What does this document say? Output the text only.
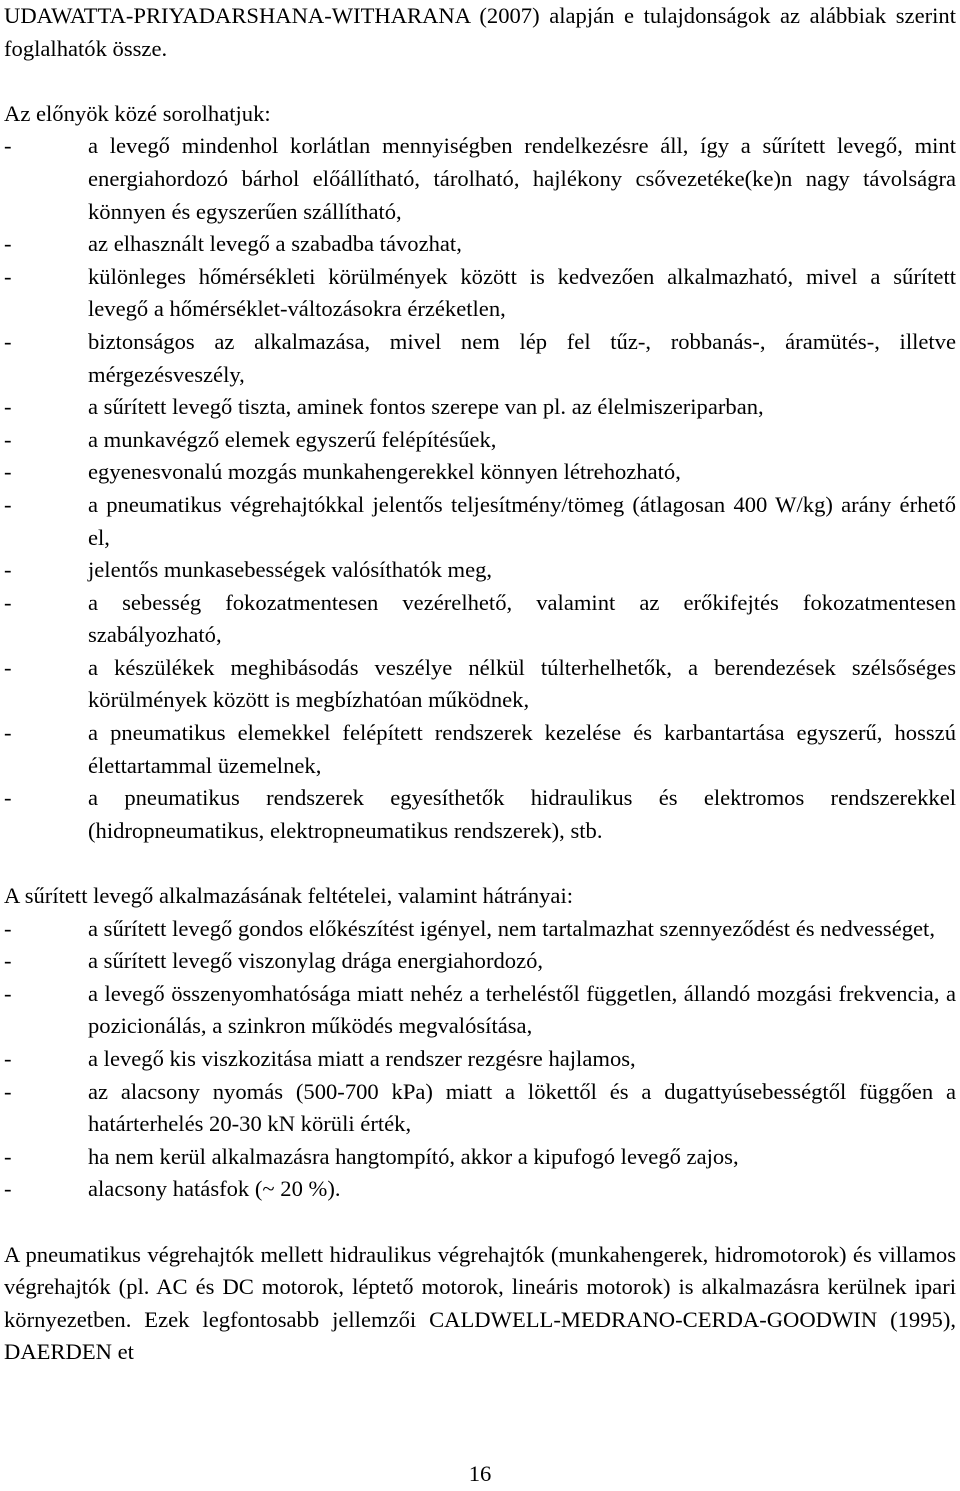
UDAWATTA-PRIYADARSHANA-WITHARANA (2007) alapján e tulajdonságok az alábbiak szerint foglalhatók össze.

Az előnyök közé sorolhatjuk:

-	a levegő mindenhol korlátlan mennyiségben rendelkezésre áll, így a sűrített levegő, mint energiahordozó bárhol előállítható, tárolható, hajlékony csővezetéke(ke)n nagy távolságra könnyen és egyszerűen szállítható,
-	az elhasznált levegő a szabadba távozhat,
-	különleges hőmérsékleti körülmények között is kedvezően alkalmazható, mivel a sűrített levegő a hőmérséklet-változásokra érzéketlen,
-	biztonságos az alkalmazása, mivel nem lép fel tűz-, robbanás-, áramütés-, illetve mérgezésveszély,
-	a sűrített levegő tiszta, aminek fontos szerepe van pl. az élelmiszeriparban,
-	a munkavégző elemek egyszerű felépítésűek,
-	egyenesvonalú mozgás munkahengerekkel könnyen létrehozható,
-	a pneumatikus végrehajtókkal jelentős teljesítmény/tömeg (átlagosan 400 W/kg) arány érhető el,
-	jelentős munkasebességek valósíthatók meg,
-	a sebesség fokozatmentesen vezérelhető, valamint az erőkifejtés fokozatmentesen szabályozható,
-	a készülékek meghibásodás veszélye nélkül túlterhelhetők, a berendezések szélsőséges körülmények között is megbízhatóan működnek,
-	a pneumatikus elemekkel felépített rendszerek kezelése és karbantartása egyszerű, hosszú élettartammal üzemelnek,
-	a pneumatikus rendszerek egyesíthetők hidraulikus és elektromos rendszerekkel (hidropneumatikus, elektropneumatikus rendszerek), stb.

A sűrített levegő alkalmazásának feltételei, valamint hátrányai:

-	a sűrített levegő gondos előkészítést igényel, nem tartalmazhat szennyeződést és nedvességet,
-	a sűrített levegő viszonylag drága energiahordozó,
-	a levegő összenyomhatósága miatt nehéz a terheléstől független, állandó mozgási frekvencia, a pozicionálás, a szinkron működés megvalósítása,
-	a levegő kis viszkozitása miatt a rendszer rezgésre hajlamos,
-	az alacsony nyomás (500-700 kPa) miatt a lökettől és a dugattyúsebességtől függően a határterhelés 20-30 kN körüli érték,
-	ha nem kerül alkalmazásra hangtompító, akkor a kipufogó levegő zajos,
-	alacsony hatásfok (~ 20 %).

A pneumatikus végrehajtók mellett hidraulikus végrehajtók (munkahengerek, hidromotorok) és villamos végrehajtók (pl. AC és DC motorok, léptető motorok, lineáris motorok) is alkalmazásra kerülnek ipari környezetben. Ezek legfontosabb jellemzői CALDWELL-MEDRANO-CERDA-GOODWIN (1995), DAERDEN et

16
